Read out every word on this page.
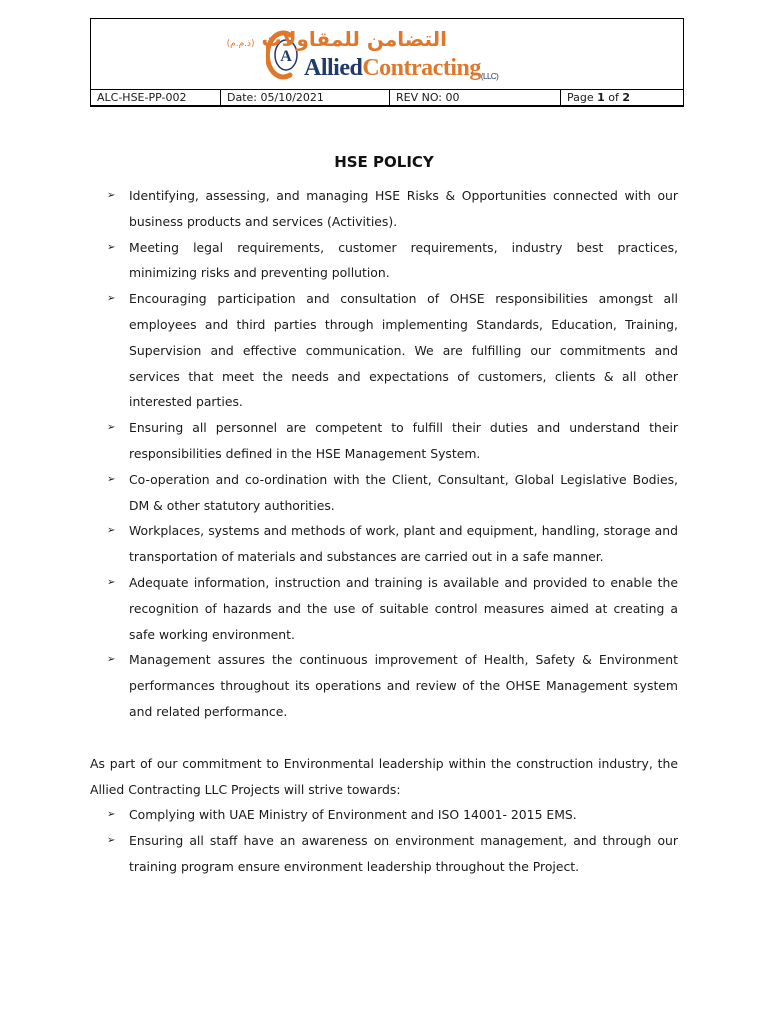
A
التضامن للمقاولات (ذ.م.م)
AlliedContracting(LLC)
ALC-HSE-PP-002	Date: 05/10/2021	REV NO: 00	Page 1 of 2
HSE POLICY
➢ Identifying, assessing, and managing HSE Risks & Opportunities connected with our business products and services (Activities).
➢ Meeting legal requirements, customer requirements, industry best practices, minimizing risks and preventing pollution.
➢ Encouraging participation and consultation of OHSE responsibilities amongst all employees and third parties through implementing Standards, Education, Training, Supervision and effective communication. We are fulfilling our commitments and services that meet the needs and expectations of customers, clients & all other interested parties.
➢ Ensuring all personnel are competent to fulfill their duties and understand their responsibilities defined in the HSE Management System.
➢ Co-operation and co-ordination with the Client, Consultant, Global Legislative Bodies, DM & other statutory authorities.
➢ Workplaces, systems and methods of work, plant and equipment, handling, storage and transportation of materials and substances are carried out in a safe manner.
➢ Adequate information, instruction and training is available and provided to enable the recognition of hazards and the use of suitable control measures aimed at creating a safe working environment.
➢ Management assures the continuous improvement of Health, Safety & Environment performances throughout its operations and review of the OHSE Management system and related performance.

As part of our commitment to Environmental leadership within the construction industry, the Allied Contracting LLC Projects will strive towards:

➢ Complying with UAE Ministry of Environment and ISO 14001- 2015 EMS.
➢ Ensuring all staff have an awareness on environment management, and through our training program ensure environment leadership throughout the Project.
